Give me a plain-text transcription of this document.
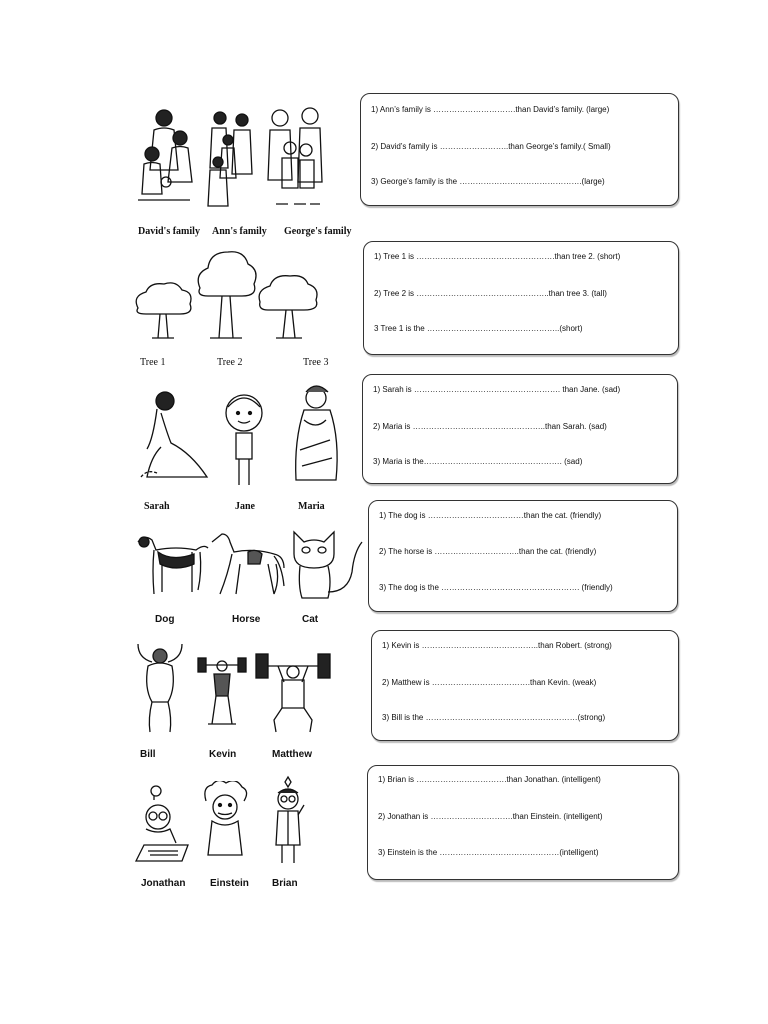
David's family Ann's family George's family
1) Ann’s family is ………………………….than David’s family. (large)
2) David’s family is ……………………..than George’s family.( Small)
3) George’s family is the ……………………………………….(large)
Tree 1	Tree 2	Tree 3
1) Tree 1 is …………………………………………….than tree 2. (short)
2) Tree 2 is …………………………………………..than tree 3. (tall)
3 Tree 1 is the …………………………………………..(short)
Sarah	Jane	Maria
1) Sarah is ………………………………………………. than Jane. (sad)
2) Maria is …………………………………………..than Sarah. (sad)
3) Maria is the……………………………………………. (sad)
Dog	Horse	Cat
1) The dog is ………………………………than the cat. (friendly)
2) The horse is …………………………..than the cat. (friendly)
3) The dog is the ……………………………………………. (friendly)
Bill	Kevin	Matthew
1) Kevin is ……………………………………..than Robert. (strong)
2) Matthew is ……………………………….than Kevin. (weak)
3) Bill is the …………………………………………………(strong)
Jonathan Einstein Brian
1) Brian is …………………………….than Jonathan. (intelligent)
2) Jonathan is ………………………….than Einstein. (intelligent)
3) Einstein is the ………………………………………(intelligent)
